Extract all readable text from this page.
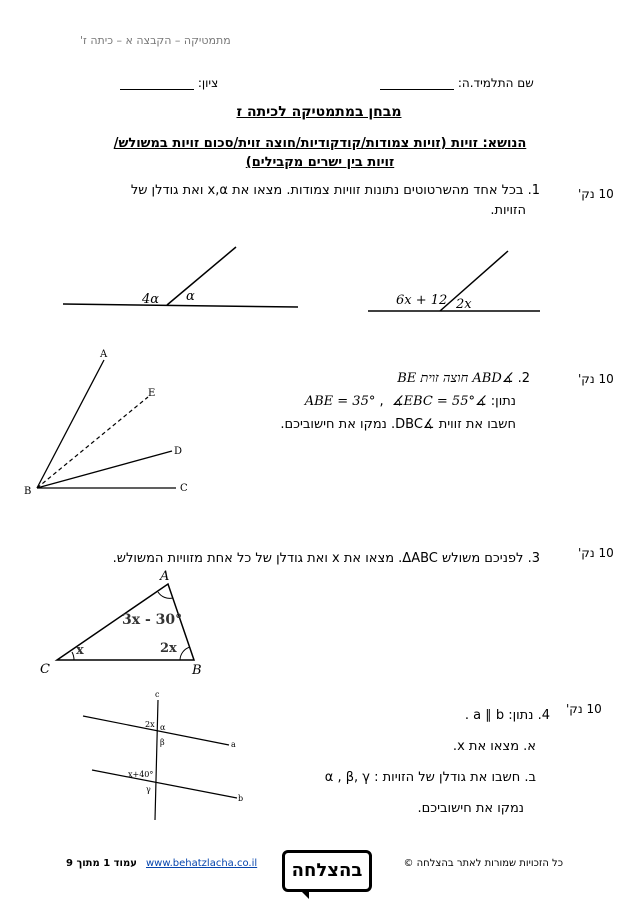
מתמטיקה – הקבצה א – כיתה ז'
שם התלמיד.ה:
ציון:
מבחן במתמטיקה לכיתה ז
הנושא: זויות (זויות צמודות/קודקודיות/חוצה זוית/סכום זויות במשולש/
זויות בין ישרים מקבילים)
10 נק'
1. בכל אחד מהשרטוטים נתונות זוויות צמודות. מצאו את x,α ואת גודלן של
הזויות.
4α α	6x + 12 2x
A
E
D
B	C
A
B
C
3x - 30°
2x
x
c
2x α
β	a
x+40°
γ
b
10 נק'
2. ∡ABD חוצה זוית BE
נתון: ∡ABE = 35° ,  ∡EBC = 55°
חשבו את זווית ∡DBC. נמקו את חישוביכם.
10 נק'
3. לפניכם משולש ΔABC. מצאו את x ואת גודלן של כל אחת מזוויות המשולש.
10 נק'
4. נתון: a ∥ b .
א. מצאו את x.
ב. חשבו את גודלן של הזויות : α , β, γ
נמקו את חישוביכם.
כל הזכויות שמורות לאתר בהצלחה ©
בהצלחה
www.behatzlacha.co.il
עמוד 1 מתוך 9
